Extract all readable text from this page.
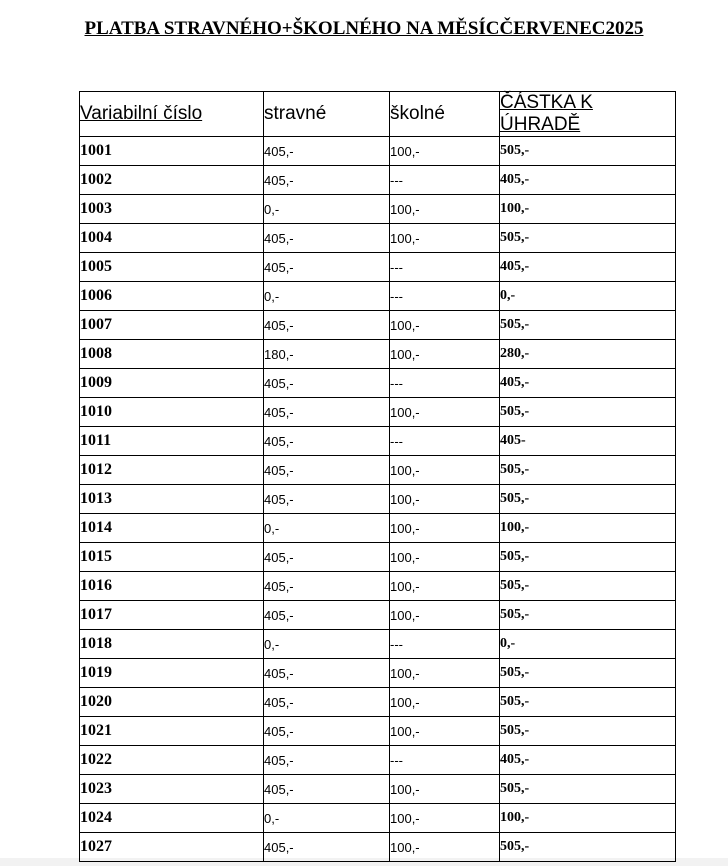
PLATBA STRAVNÉHO+ŠKOLNÉHO NA MĚSÍCČERVENEC2025
Variabilní číslo	stravné	školné	ČÁSTKA K ÚHRADĚ
1001	405,-	100,-	505,-
1002	405,-	---	405,-
1003	0,-	100,-	100,-
1004	405,-	100,-	505,-
1005	405,-	---	405,-
1006	0,-	---	0,-
1007	405,-	100,-	505,-
1008	180,-	100,-	280,-
1009	405,-	---	405,-
1010	405,-	100,-	505,-
1011	405,-	---	405-
1012	405,-	100,-	505,-
1013	405,-	100,-	505,-
1014	0,-	100,-	100,-
1015	405,-	100,-	505,-
1016	405,-	100,-	505,-
1017	405,-	100,-	505,-
1018	0,-	---	0,-
1019	405,-	100,-	505,-
1020	405,-	100,-	505,-
1021	405,-	100,-	505,-
1022	405,-	---	405,-
1023	405,-	100,-	505,-
1024	0,-	100,-	100,-
1027	405,-	100,-	505,-
